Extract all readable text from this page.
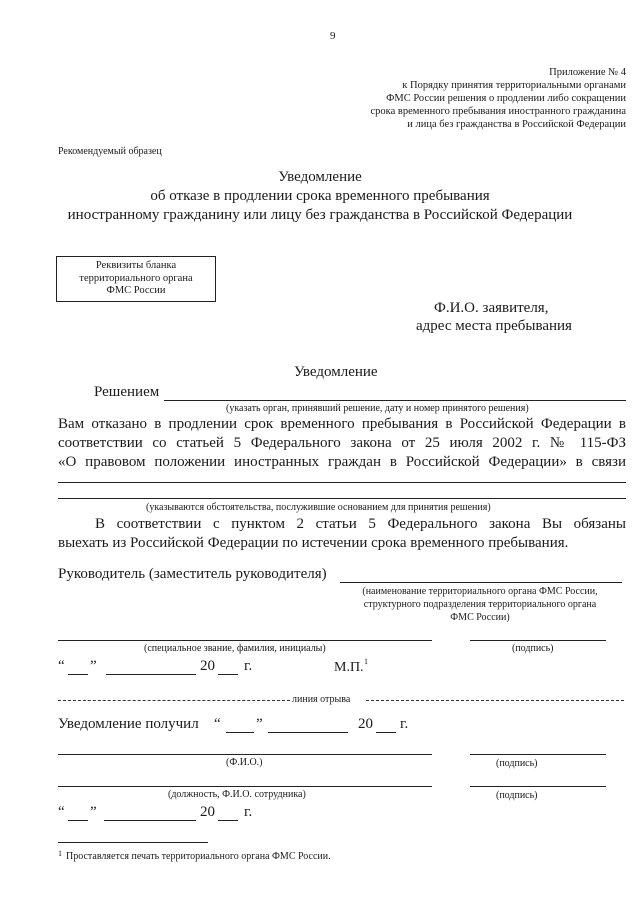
9
Приложение № 4
к Порядку принятия территориальными органами
ФМС России решения о продлении либо сокращении
срока временного пребывания иностранного гражданина
и лица без гражданства в Российской Федерации
Рекомендуемый образец
Уведомление
об отказе в продлении срока временного пребывания
иностранному гражданину или лицу без гражданства в Российской Федерации
Реквизиты бланка
территориального органа
ФМС России
Ф.И.О. заявителя,
адрес места пребывания
Уведомление
Решением
(указать орган, принявший решение, дату и номер принятого решения)
Вам отказано в продлении срок временного пребывания в Российской Федерации в
соответствии со статьей 5 Федерального закона от 25 июля 2002 г. № 115-ФЗ
«О правовом положении иностранных граждан в Российской Федерации» в связи
(указываются обстоятельства, послужившие основанием для принятия решения)
В соответствии с пунктом 2 статьи 5 Федерального закона Вы обязаны
выехать из Российской Федерации по истечении срока временного пребывания.
Руководитель (заместитель руководителя)
(наименование территориального органа ФМС России,
структурного подразделения территориального органа
ФМС России)
(специальное звание, фамилия, инициалы)	(подпись)
“ ”	20 г.	М.П. 1
линия отрыва
Уведомление получил “ ”	20 г.
(Ф.И.О.)	(подпись)
(должность, Ф.И.О. сотрудника)	(подпись)
“ ”	20 г.
1 Проставляется печать территориального органа ФМС России.
